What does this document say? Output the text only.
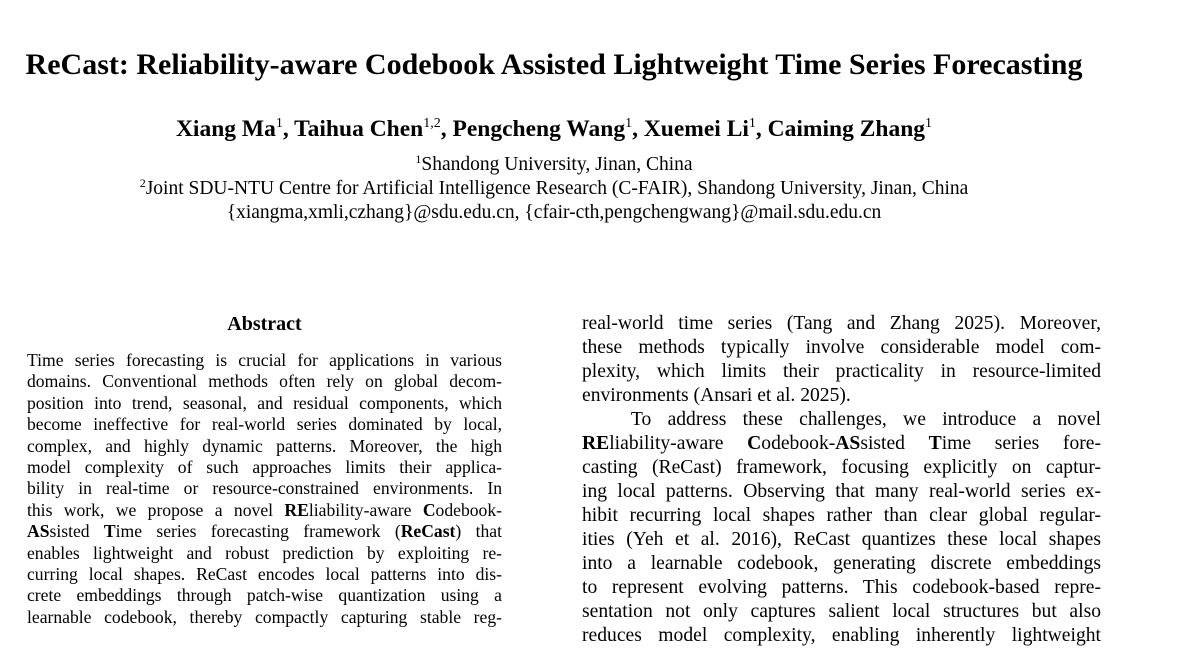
ReCast: Reliability-aware Codebook Assisted Lightweight Time Series Forecasting
Xiang Ma$^1$, Taihua Chen$^{1,2}$, Pengcheng Wang$^1$, Xuemei Li$^1$, Caiming Zhang$^1$
$^1$Shandong University, Jinan, China
$^2$Joint SDU-NTU Centre for Artificial Intelligence Research (C-FAIR), Shandong University, Jinan, China
{xiangma,xmli,czhang}@sdu.edu.cn, {cfair-cth,pengchengwang}@mail.sdu.edu.cn
Abstract
Time series forecasting is crucial for applications in various
domains. Conventional methods often rely on global decom-
position into trend, seasonal, and residual components, which
become ineffective for real-world series dominated by local,
complex, and highly dynamic patterns. Moreover, the high
model complexity of such approaches limits their applica-
bility in real-time or resource-constrained environments. In
this work, we propose a novel REliability-aware Codebook-
ASsisted Time series forecasting framework (ReCast) that
enables lightweight and robust prediction by exploiting re-
curring local shapes. ReCast encodes local patterns into dis-
crete embeddings through patch-wise quantization using a
learnable codebook, thereby compactly capturing stable reg-
real-world time series (Tang and Zhang 2025). Moreover,
these methods typically involve considerable model com-
plexity, which limits their practicality in resource-limited
environments (Ansari et al. 2025).
To address these challenges, we introduce a novel
REliability-aware Codebook-ASsisted Time series fore-
casting (ReCast) framework, focusing explicitly on captur-
ing local patterns. Observing that many real-world series ex-
hibit recurring local shapes rather than clear global regular-
ities (Yeh et al. 2016), ReCast quantizes these local shapes
into a learnable codebook, generating discrete embeddings
to represent evolving patterns. This codebook-based repre-
sentation not only captures salient local structures but also
reduces model complexity, enabling inherently lightweight
